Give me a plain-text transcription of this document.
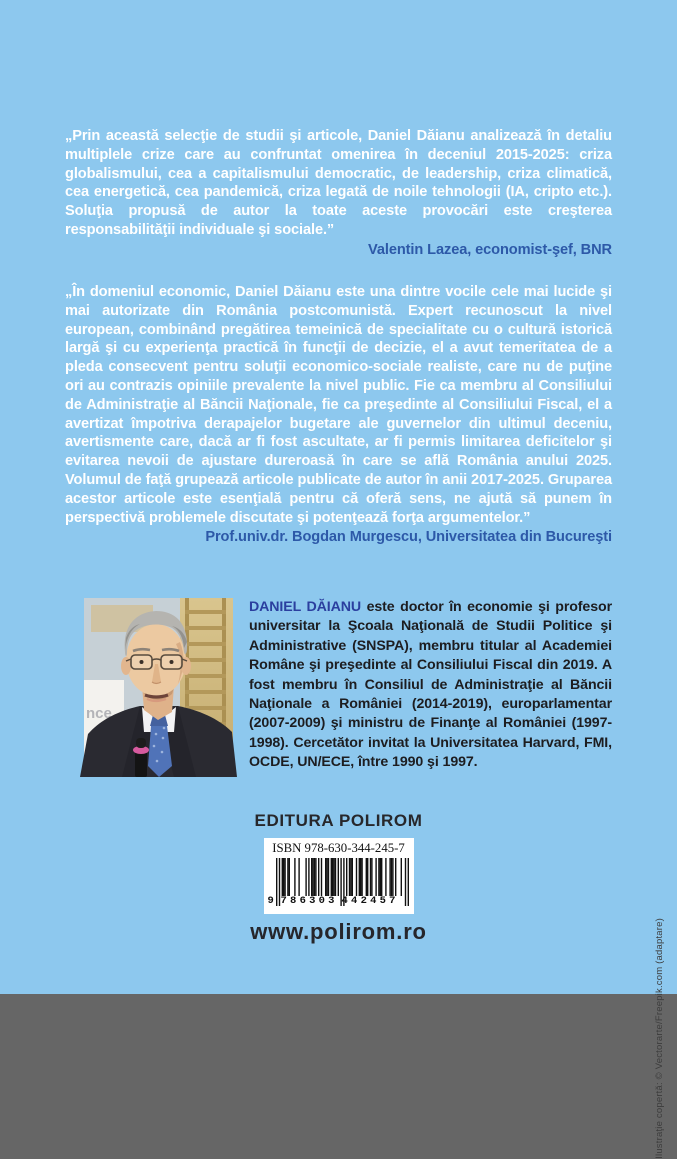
„Prin această selecţie de studii şi articole, Daniel Dăianu analizează în detaliu multiplele crize care au confruntat omenirea în deceniul 2015-2025: criza globalismului, cea a capitalismului democratic, de leadership, criza climatică, cea energetică, cea pandemică, criza legată de noile tehnologii (IA, cripto etc.). Soluţia propusă de autor la toate aceste provocări este creşterea responsabilităţii individuale şi sociale.”

Valentin Lazea, economist-şef, BNR

„În domeniul economic, Daniel Dăianu este una dintre vocile cele mai lucide şi mai autorizate din România postcomunistă. Expert recunoscut la nivel european, combinând pregătirea temeinică de specialitate cu o cultură istorică largă şi cu experienţa practică în funcţii de decizie, el a avut temeritatea de a pleda consecvent pentru soluţii economico-sociale realiste, care nu de puţine ori au contrazis opiniile prevalente la nivel public. Fie ca membru al Consiliului de Administraţie al Băncii Naţionale, fie ca preşedinte al Consiliului Fiscal, el a avertizat împotriva derapajelor bugetare ale guvernelor din ultimul deceniu, avertismente care, dacă ar fi fost ascultate, ar fi permis limitarea deficitelor şi evitarea nevoii de ajustare dureroasă în care se află România anului 2025. Volumul de faţă grupează articole publicate de autor în anii 2017-2025. Gruparea acestor articole este esenţială pentru că oferă sens, ne ajută să punem în perspectivă problemele discutate şi potenţează forţa argumentelor.”

Prof.univ.dr. Bogdan Murgescu, Universitatea din Bucureşti

nce

DANIEL DĂIANU este doctor în economie şi profesor universitar la Şcoala Naţională de Studii Politice şi Administrative (SNSPA), membru titular al Academiei Române şi preşedinte al Consiliului Fiscal din 2019. A fost membru în Consiliul de Administraţie al Băncii Naţionale a României (2014-2019), europarlamentar (2007-2009) şi ministru de Finanţe al României (1997-1998). Cercetător invitat la Universitatea Harvard, FMI, OCDE, UN/ECE, între 1990 şi 1997.

EDITURA POLIROM
ISBN 978-630-344-245-7
9 7 8 6 3 0 3 4 4 2 4 5 7
www.polirom.ro	Ilustraţie copertă: © Vectorarte/Freepik.com (adaptare)
